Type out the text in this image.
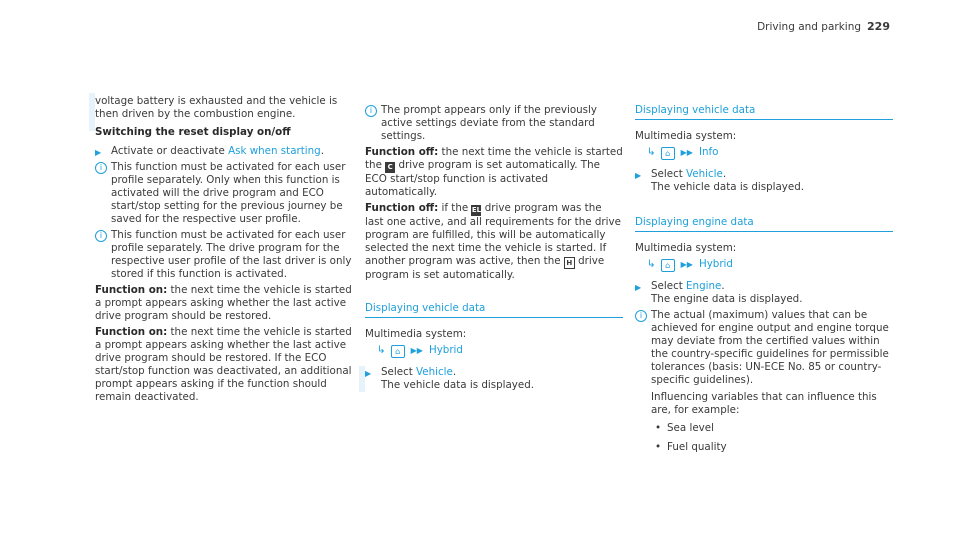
Driving and parking 229

voltage battery is exhausted and the vehicle is then driven by the combustion engine.

Switching the reset display on/off

▶ Activate or deactivate Ask when starting.
i This function must be activated for each user profile separately. Only when this function is activated will the drive program and ECO start/stop setting for the previous journey be saved for the respective user profile.

i This function must be activated for each user profile separately. The drive program for the respective user profile of the last driver is only stored if this function is activated.

Function on: the next time the vehicle is started a prompt appears asking whether the last active drive program should be restored.

Function on: the next time the vehicle is started a prompt appears asking whether the last active drive program should be restored. If the ECO start/stop function was deactivated, an additional prompt appears asking if the function should remain deactivated.

i The prompt appears only if the previously active settings deviate from the standard settings.

Function off: the next time the vehicle is started the C drive program is set automatically. The ECO start/stop function is activated automatically.

Function off: if the EL drive program was the last one active, and all requirements for the drive program are fulfilled, this will be automatically selected the next time the vehicle is started. If another program was active, then the H drive program is set automatically.

Displaying vehicle data

Multimedia system:

↳ ⌂ ▶▶ Hybrid
▶ Select Vehicle.

The vehicle data is displayed.

Displaying vehicle data

Multimedia system:

↳ ⌂ ▶▶ Info
▶ Select Vehicle.

The vehicle data is displayed.

Displaying engine data

Multimedia system:

↳ ⌂ ▶▶ Hybrid
▶ Select Engine.

The engine data is displayed.

i The actual (maximum) values that can be achieved for engine output and engine torque may deviate from the certified values within the country-specific guidelines for permissible tolerances (basis: UN-ECE No. 85 or country-specific guidelines).

Influencing variables that can influence this are, for example:

• Sea level
• Fuel quality
